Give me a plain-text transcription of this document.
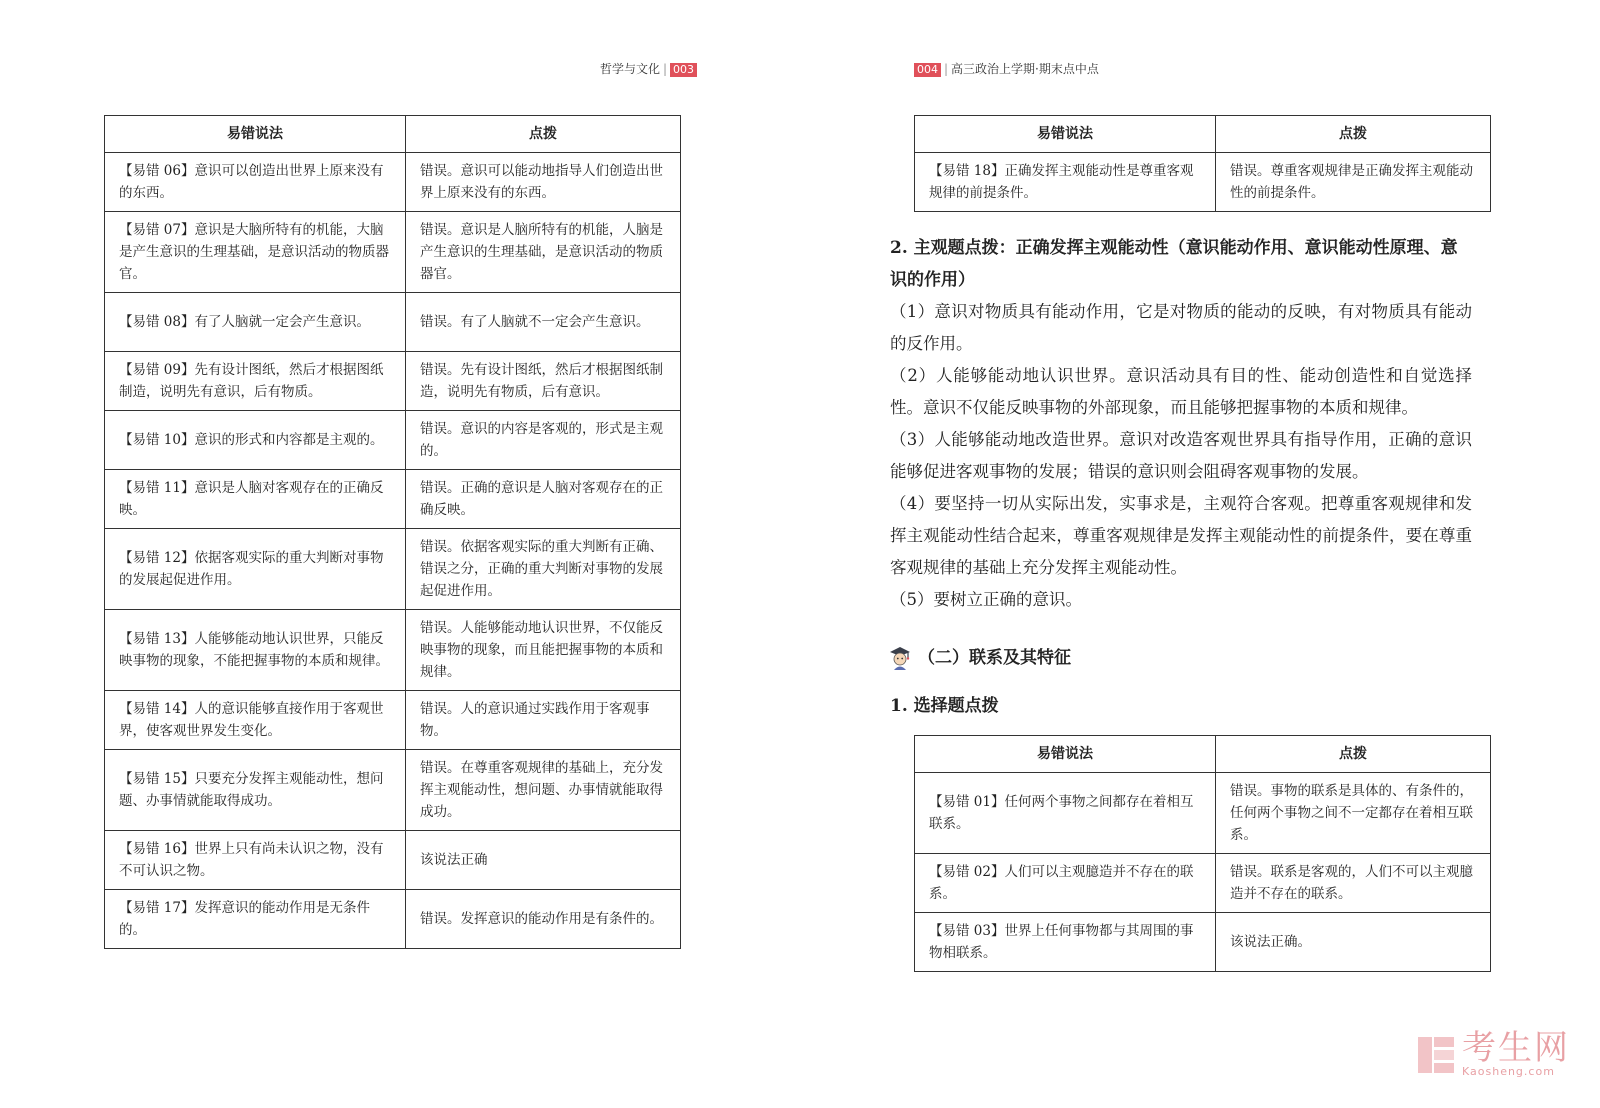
哲学与文化 | 003
易错说法	点拨
【易错 06】意识可以创造出世界上原来没有的东西。	错误。意识可以能动地指导人们创造出世界上原来没有的东西。
【易错 07】意识是大脑所特有的机能，大脑是产生意识的生理基础，是意识活动的物质器官。	错误。意识是人脑所特有的机能，人脑是产生意识的生理基础，是意识活动的物质器官。
【易错 08】有了人脑就一定会产生意识。	错误。有了人脑就不一定会产生意识。
【易错 09】先有设计图纸，然后才根据图纸制造，说明先有意识，后有物质。	错误。先有设计图纸，然后才根据图纸制造，说明先有物质，后有意识。
【易错 10】意识的形式和内容都是主观的。	错误。意识的内容是客观的，形式是主观的。
【易错 11】意识是人脑对客观存在的正确反映。	错误。正确的意识是人脑对客观存在的正确反映。
【易错 12】依据客观实际的重大判断对事物的发展起促进作用。	错误。依据客观实际的重大判断有正确、错误之分，正确的重大判断对事物的发展起促进作用。
【易错 13】人能够能动地认识世界，只能反映事物的现象，不能把握事物的本质和规律。	错误。人能够能动地认识世界，不仅能反映事物的现象，而且能把握事物的本质和规律。
【易错 14】人的意识能够直接作用于客观世界，使客观世界发生变化。	错误。人的意识通过实践作用于客观事物。
【易错 15】只要充分发挥主观能动性，想问题、办事情就能取得成功。	错误。在尊重客观规律的基础上，充分发挥主观能动性，想问题、办事情就能取得成功。
【易错 16】世界上只有尚未认识之物，没有不可认识之物。	该说法正确
【易错 17】发挥意识的能动作用是无条件的。	错误。发挥意识的能动作用是有条件的。
004 | 高三政治上学期·期末点中点
易错说法	点拨
【易错 18】正确发挥主观能动性是尊重客观规律的前提条件。	错误。尊重客观规律是正确发挥主观能动性的前提条件。
2. 主观题点拨：正确发挥主观能动性（意识能动作用、意识能动性原理、意识的作用）

（1）意识对物质具有能动作用，它是对物质的能动的反映，有对物质具有能动的反作用。

（2）人能够能动地认识世界。意识活动具有目的性、能动创造性和自觉选择性。意识不仅能反映事物的外部现象，而且能够把握事物的本质和规律。

（3）人能够能动地改造世界。意识对改造客观世界具有指导作用，正确的意识能够促进客观事物的发展；错误的意识则会阻碍客观事物的发展。

（4）要坚持一切从实际出发，实事求是，主观符合客观。把尊重客观规律和发挥主观能动性结合起来，尊重客观规律是发挥主观能动性的前提条件，要在尊重客观规律的基础上充分发挥主观能动性。

（5）要树立正确的意识。

（二）联系及其特征
1. 选择题点拨
易错说法	点拨
【易错 01】任何两个事物之间都存在着相互联系。	错误。事物的联系是具体的、有条件的，任何两个事物之间不一定都存在着相互联系。
【易错 02】人们可以主观臆造并不存在的联系。	错误。联系是客观的，人们不可以主观臆造并不存在的联系。
【易错 03】世界上任何事物都与其周围的事物相联系。	该说法正确。
考生网
Kaosheng.com
